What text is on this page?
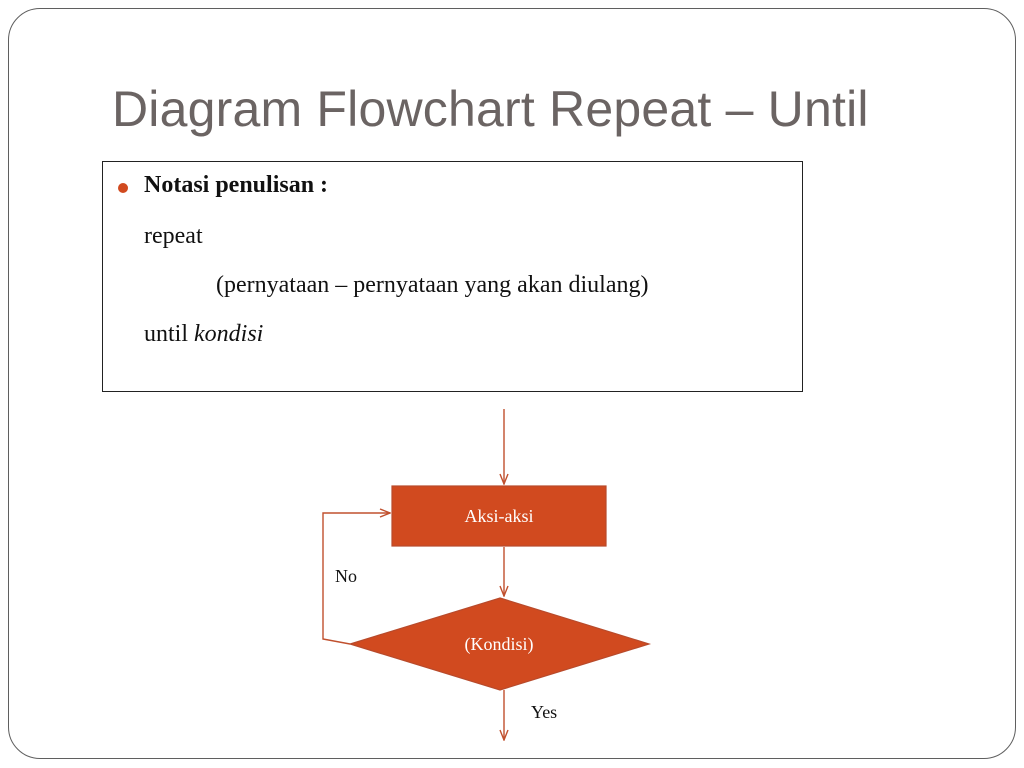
Diagram Flowchart Repeat – Until
Notasi penulisan :
repeat
(pernyataan – pernyataan yang akan diulang)
until kondisi
Aksi-aksi
(Kondisi)
No
Yes
